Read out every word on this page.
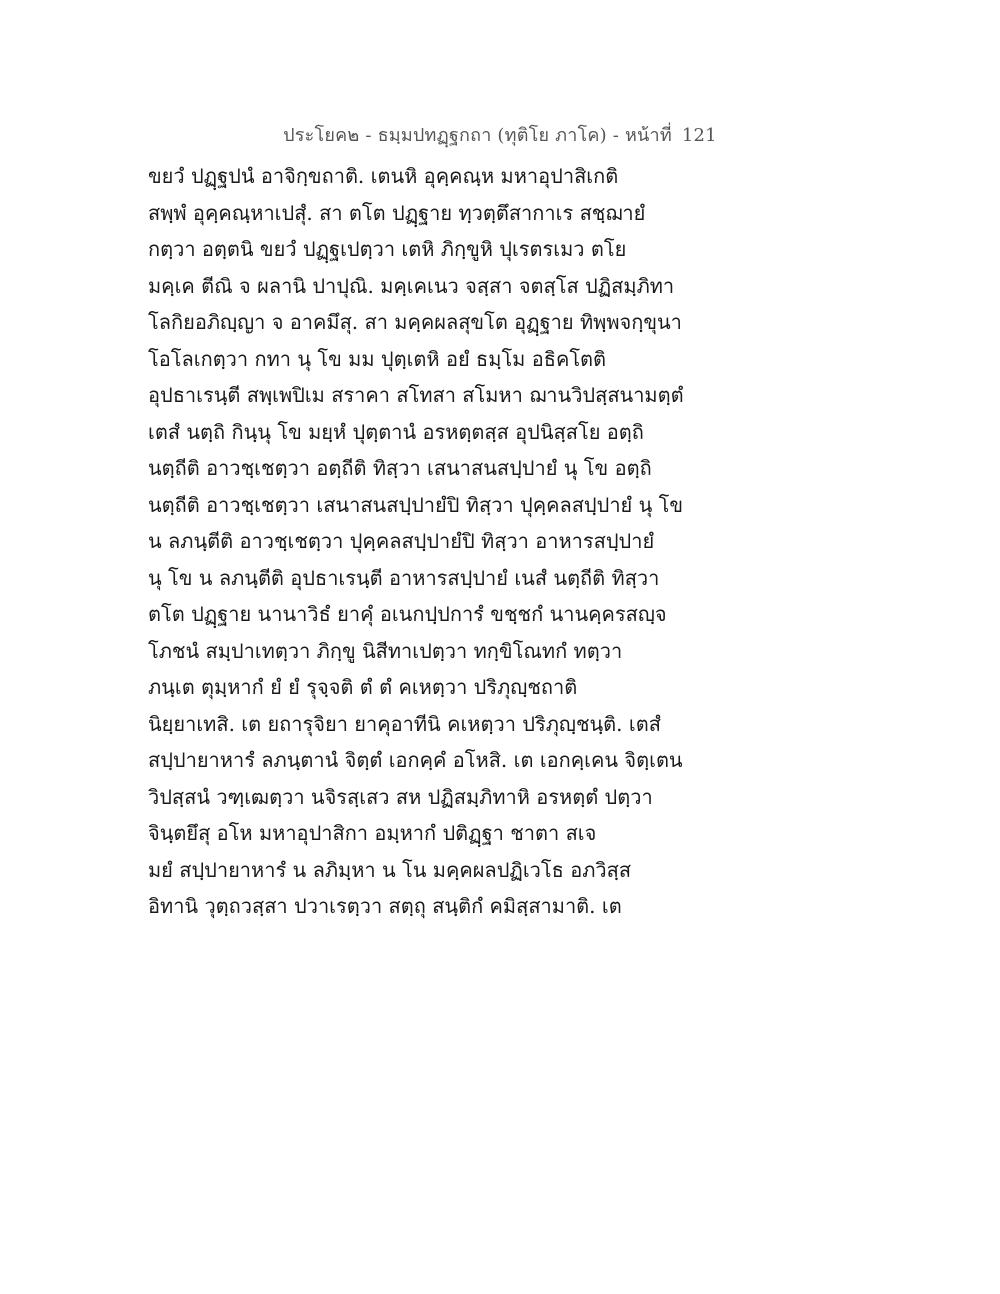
ประโยค๒ - ธมฺมปทฏฺฐกถา (ทุติโย ภาโค) - หน้าที่ 121
ขยวํ ปฏฺฐปนํ อาจิกฺขถาติ. เตนหิ อุคฺคณฺห มหาอุปาสิเกติ
สพฺพํ อุคฺคณฺหาเปสุํ. สา ตโต ปฏฺฐาย ทฺวตฺตึสากาเร สชฺฌายํ
กตฺวา อตฺตนิ ขยวํ ปฏฺฐเปตฺวา เตหิ ภิกฺขูหิ ปุเรตรเมว ตโย
มคฺเค ตีณิ จ ผลานิ ปาปุณิ. มคฺเคเนว จสฺสา จตสฺโส ปฏิสมฺภิทา
โลกิยอภิญฺญา จ อาคมึสุ. สา มคฺคผลสุขโต อุฏฺฐาย ทิพฺพจกฺขุนา
โอโลเกตฺวา กทา นุ โข มม ปุตฺเตหิ อยํ ธมฺโม อธิคโตติ
อุปธาเรนฺตี สพฺเพปิเม สราคา สโทสา สโมหา ฌานวิปสฺสนามตฺตํ
เตสํ นตฺถิ กินฺนุ โข มยฺหํ ปุตฺตานํ อรหตฺตสฺส อุปนิสฺสโย อตฺถิ
นตฺถีติ อาวชฺเชตฺวา อตฺถีติ ทิสฺวา เสนาสนสปฺปายํ นุ โข อตฺถิ
นตฺถีติ อาวชฺเชตฺวา เสนาสนสปฺปายํปิ ทิสฺวา ปุคฺคลสปฺปายํ นุ โข
น ลภนฺตีติ อาวชฺเชตฺวา ปุคฺคลสปฺปายํปิ ทิสฺวา อาหารสปฺปายํ
นุ โข น ลภนฺตีติ อุปธาเรนฺตี อาหารสปฺปายํ เนสํ นตฺถีติ ทิสฺวา
ตโต ปฏฺฐาย นานาวิธํ ยาคุํ อเนกปฺปการํ ขชฺชกํ นานคฺครสญฺจ
โภชนํ สมฺปาเทตฺวา ภิกฺขู นิสีทาเปตฺวา ทกฺขิโณทกํ ทตฺวา
ภนฺเต ตุมฺหากํ ยํ ยํ รุจฺจติ ตํ ตํ คเหตฺวา ปริภุญฺชถาติ
นิยฺยาเทสิ. เต ยถารุจิยา ยาคุอาทีนิ คเหตฺวา ปริภุญฺชนฺติ. เตสํ
สปฺปายาหารํ ลภนฺตานํ จิตฺตํ เอกคฺคํ อโหสิ. เต เอกคฺเคน จิตฺเตน
วิปสฺสนํ วฑฺเฒตฺวา นจิรสฺเสว สห ปฏิสมฺภิทาหิ อรหตฺตํ ปตฺวา
จินฺตยึสุ อโห มหาอุปาสิกา อมฺหากํ ปติฏฺฐา ชาตา สเจ
มยํ สปฺปายาหารํ น ลภิมฺหา น โน มคฺคผลปฏิเวโธ อภวิสฺส
อิทานิ วุตฺถวสฺสา ปวาเรตฺวา สตฺถุ สนฺติกํ คมิสฺสามาติ. เต
